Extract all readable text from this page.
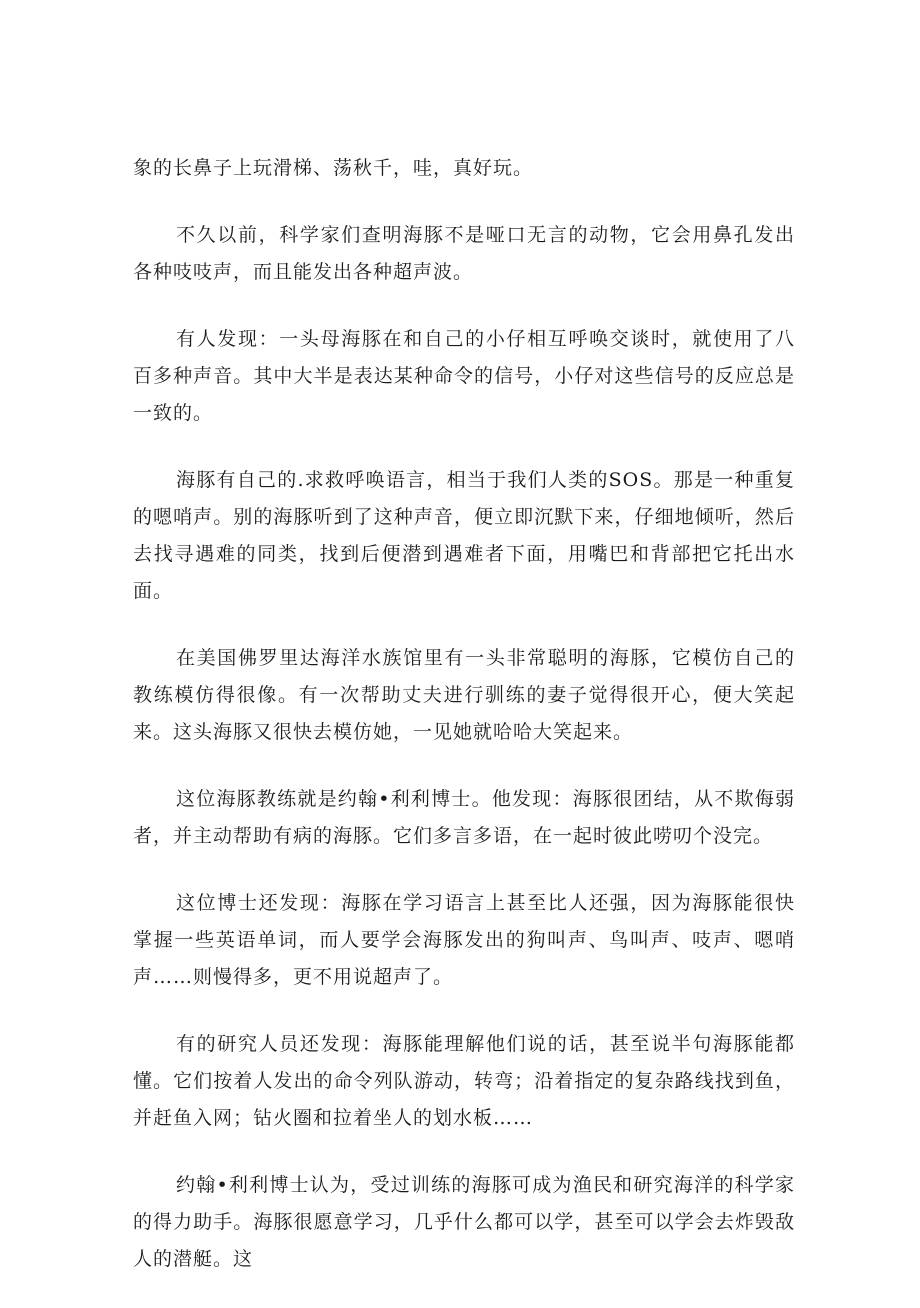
象的长鼻子上玩滑梯、荡秋千，哇，真好玩。

不久以前，科学家们查明海豚不是哑口无言的动物，它会用鼻孔发出各种吱吱声，而且能发出各种超声波。

有人发现：一头母海豚在和自己的小仔相互呼唤交谈时，就使用了八百多种声音。其中大半是表达某种命令的信号，小仔对这些信号的反应总是一致的。

海豚有自己的.求救呼唤语言，相当于我们人类的SOS。那是一种重复的嗯哨声。别的海豚听到了这种声音，便立即沉默下来，仔细地倾听，然后去找寻遇难的同类，找到后便潜到遇难者下面，用嘴巴和背部把它托出水面。

在美国佛罗里达海洋水族馆里有一头非常聪明的海豚，它模仿自己的教练模仿得很像。有一次帮助丈夫进行驯练的妻子觉得很开心，便大笑起来。这头海豚又很快去模仿她，一见她就哈哈大笑起来。

这位海豚教练就是约翰•利利博士。他发现：海豚很团结，从不欺侮弱者，并主动帮助有病的海豚。它们多言多语，在一起时彼此唠叨个没完。

这位博士还发现：海豚在学习语言上甚至比人还强，因为海豚能很快掌握一些英语单词，而人要学会海豚发出的狗叫声、鸟叫声、吱声、嗯哨声……则慢得多，更不用说超声了。

有的研究人员还发现：海豚能理解他们说的话，甚至说半句海豚能都懂。它们按着人发出的命令列队游动，转弯；沿着指定的复杂路线找到鱼，并赶鱼入网；钻火圈和拉着坐人的划水板……

约翰•利利博士认为，受过训练的海豚可成为渔民和研究海洋的科学家的得力助手。海豚很愿意学习，几乎什么都可以学，甚至可以学会去炸毁敌人的潜艇。这
